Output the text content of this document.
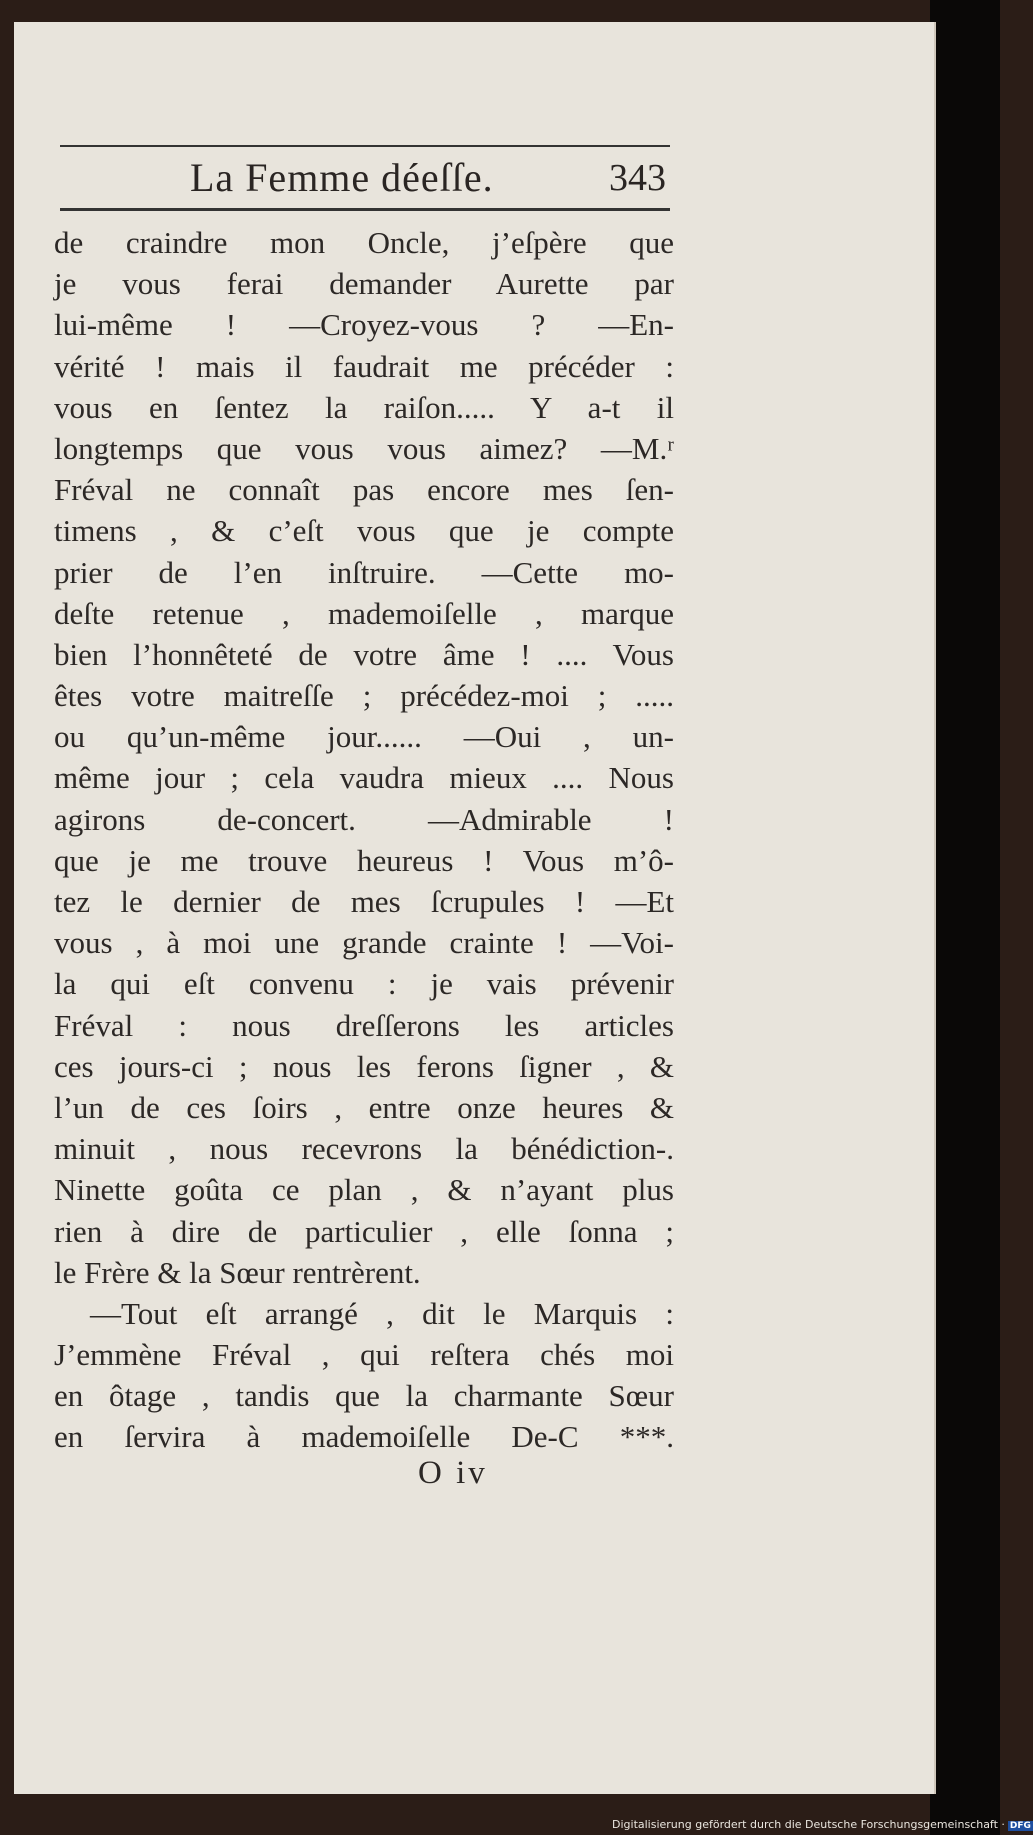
La Femme déeſſe.	343
de craindre mon Oncle, j’eſpère que
je vous ferai demander Aurette par
lui-même ! —Croyez-vous ? —En-
vérité ! mais il faudrait me précéder :
vous en ſentez la raiſon..... Y a-t il
longtemps que vous vous aimez? —M.ʳ
Fréval ne connaît pas encore mes ſen-
timens , & c’eſt vous que je compte
prier de l’en inſtruire. —Cette mo-
deſte retenue , mademoiſelle , marque
bien l’honnêteté de votre âme ! .... Vous
êtes votre maitreſſe ; précédez-moi ; .....
ou qu’un-même jour...... —Oui , un-
même jour ; cela vaudra mieux .... Nous
agirons de-concert. —Admirable !
que je me trouve heureus ! Vous m’ô-
tez le dernier de mes ſcrupules ! —Et
vous , à moi une grande crainte ! —Voi-
la qui eſt convenu : je vais prévenir
Fréval : nous dreſſerons les articles
ces jours-ci ; nous les ferons ſigner , &
l’un de ces ſoirs , entre onze heures &
minuit , nous recevrons la bénédiction-.
Ninette goûta ce plan , & n’ayant plus
rien à dire de particulier , elle ſonna ;
le Frère & la Sœur rentrèrent.
—Tout eſt arrangé , dit le Marquis :
J’emmène Fréval , qui reſtera chés moi
en ôtage , tandis que la charmante Sœur
en ſervira à mademoiſelle De-C ***.
O iv
Digitalisierung gefördert durch die Deutsche Forschungsgemeinschaft · DFG
